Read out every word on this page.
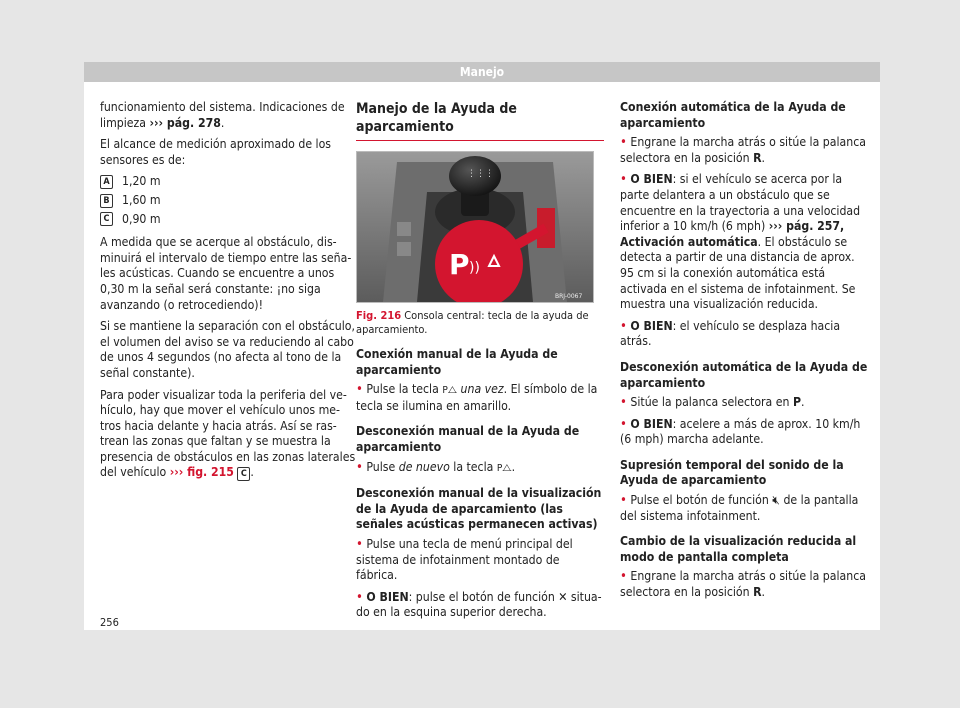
Manejo

funcionamiento del sistema. Indicaciones de limpieza ››› pág. 278.

El alcance de medición aproximado de los sensores es de:

A 1,20 m
B 1,60 m
C 0,90 m

A medida que se acerque al obstáculo, disminuirá el intervalo de tiempo entre las señales acústicas. Cuando se encuentre a unos 0,30 m la señal será constante: ¡no siga avanzando (o retrocediendo)!

Si se mantiene la separación con el obstáculo, el volumen del aviso se va reduciendo al cabo de unos 4 segundos (no afecta al tono de la señal constante).

Para poder visualizar toda la periferia del vehículo, hay que mover el vehículo unos metros hacia delante y hacia atrás. Así se rastrean las zonas que faltan y se muestra la presencia de obstáculos en las zonas laterales del vehículo ››› fig. 215 C .

Manejo de la Ayuda de aparcamiento
⋮⋮⋮
P ))
BRJ-0067
Fig. 216 Consola central: tecla de la ayuda de aparcamiento.
Conexión manual de la Ayuda de aparcamiento

• Pulse la tecla P⧍ una vez. El símbolo de la tecla se ilumina en amarillo.

Desconexión manual de la Ayuda de aparcamiento

• Pulse de nuevo la tecla P⧍.

Desconexión manual de la visualización de la Ayuda de aparcamiento (las señales acústicas permanecen activas)

• Pulse una tecla de menú principal del sistema de infotainment montado de fábrica.

• O BIEN: pulse el botón de función ✕ situado en la esquina superior derecha.

Conexión automática de la Ayuda de aparcamiento

• Engrane la marcha atrás o sitúe la palanca selectora en la posición R.

• O BIEN: si el vehículo se acerca por la parte delantera a un obstáculo que se encuentre en la trayectoria a una velocidad inferior a 10 km/h (6 mph) ››› pág. 257, Activación automática. El obstáculo se detecta a partir de una distancia de aprox. 95 cm si la conexión automática está activada en el sistema de infotainment. Se muestra una visualización reducida.

• O BIEN: el vehículo se desplaza hacia atrás.

Desconexión automática de la Ayuda de aparcamiento

• Sitúe la palanca selectora en P.

• O BIEN: acelere a más de aprox. 10 km/h (6 mph) marcha adelante.

Supresión temporal del sonido de la Ayuda de aparcamiento

• Pulse el botón de función 🔇︎ de la pantalla del sistema infotainment.

Cambio de la visualización reducida al modo de pantalla completa

• Engrane la marcha atrás o sitúe la palanca selectora en la posición R.

256
